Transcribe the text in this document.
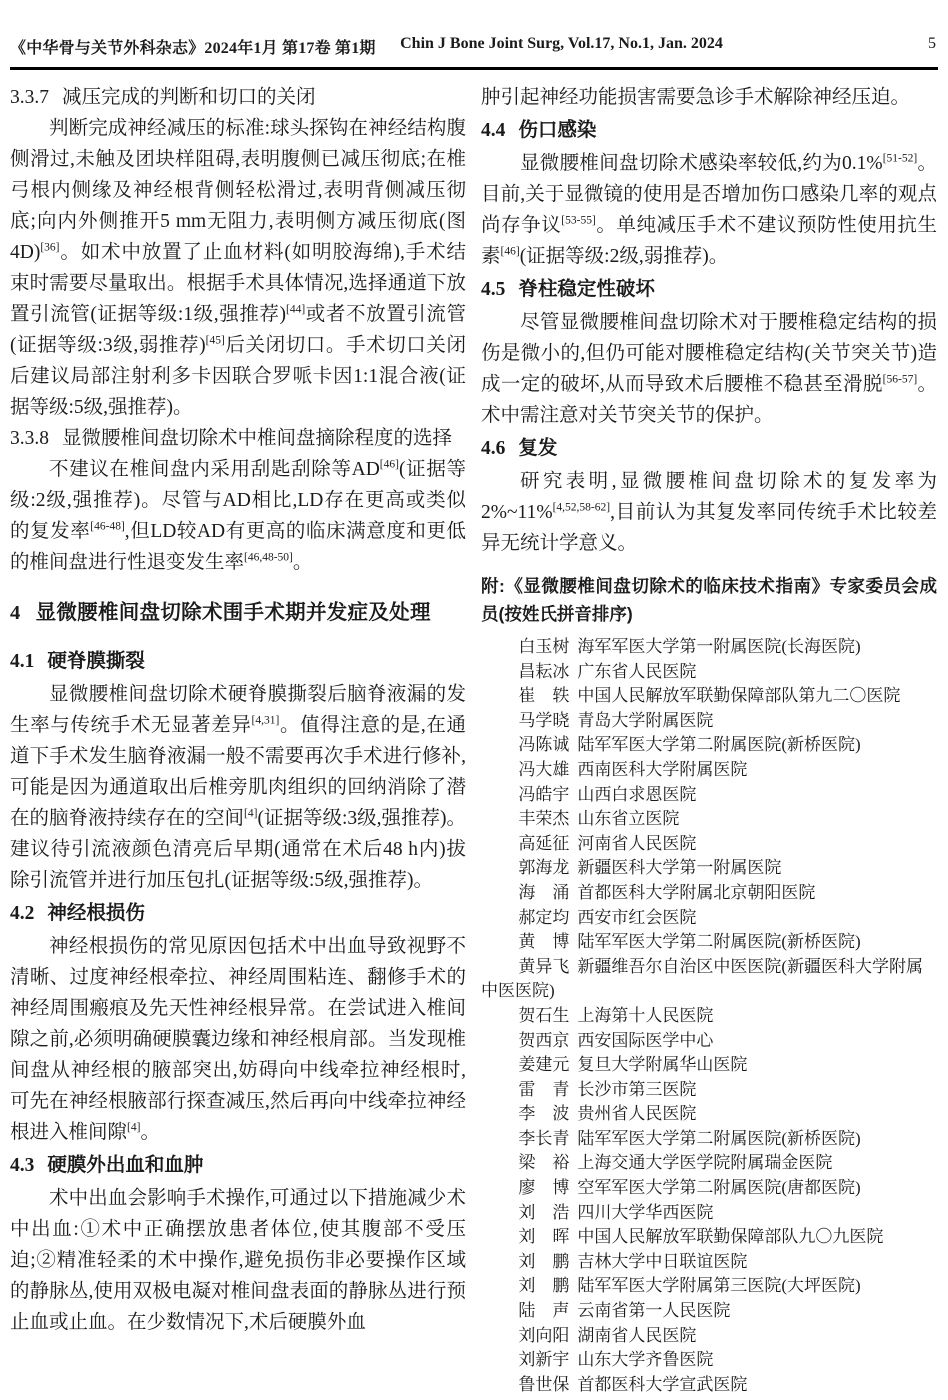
《中华骨与关节外科杂志》2024年1月 第17卷 第1期	Chin J Bone Joint Surg, Vol.17, No.1, Jan. 2024	5
3.3.7 减压完成的判断和切口的关闭

判断完成神经减压的标准:球头探钩在神经结构腹侧滑过,未触及团块样阻碍,表明腹侧已减压彻底;在椎弓根内侧缘及神经根背侧轻松滑过,表明背侧减压彻底;向内外侧推开5 mm无阻力,表明侧方减压彻底(图4D)[36]。如术中放置了止血材料(如明胶海绵),手术结束时需要尽量取出。根据手术具体情况,选择通道下放置引流管(证据等级:1级,强推荐)[44]或者不放置引流管(证据等级:3级,弱推荐)[45]后关闭切口。手术切口关闭后建议局部注射利多卡因联合罗哌卡因1:1混合液(证据等级:5级,强推荐)。

3.3.8 显微腰椎间盘切除术中椎间盘摘除程度的选择

不建议在椎间盘内采用刮匙刮除等AD[46](证据等级:2级,强推荐)。尽管与AD相比,LD存在更高或类似的复发率[46-48],但LD较AD有更高的临床满意度和更低的椎间盘进行性退变发生率[46,48-50]。

4 显微腰椎间盘切除术围手术期并发症及处理
4.1 硬脊膜撕裂

显微腰椎间盘切除术硬脊膜撕裂后脑脊液漏的发生率与传统手术无显著差异[4,31]。值得注意的是,在通道下手术发生脑脊液漏一般不需要再次手术进行修补,可能是因为通道取出后椎旁肌肉组织的回纳消除了潜在的脑脊液持续存在的空间[4](证据等级:3级,强推荐)。建议待引流液颜色清亮后早期(通常在术后48 h内)拔除引流管并进行加压包扎(证据等级:5级,强推荐)。

4.2 神经根损伤

神经根损伤的常见原因包括术中出血导致视野不清晰、过度神经根牵拉、神经周围粘连、翻修手术的神经周围瘢痕及先天性神经根异常。在尝试进入椎间隙之前,必须明确硬膜囊边缘和神经根肩部。当发现椎间盘从神经根的腋部突出,妨碍向中线牵拉神经根时,可先在神经根腋部行探查减压,然后再向中线牵拉神经根进入椎间隙[4]。

4.3 硬膜外出血和血肿

术中出血会影响手术操作,可通过以下措施减少术中出血:①术中正确摆放患者体位,使其腹部不受压迫;②精准轻柔的术中操作,避免损伤非必要操作区域的静脉丛,使用双极电凝对椎间盘表面的静脉丛进行预止血或止血。在少数情况下,术后硬膜外血

肿引起神经功能损害需要急诊手术解除神经压迫。

4.4 伤口感染

显微腰椎间盘切除术感染率较低,约为0.1%[51-52]。目前,关于显微镜的使用是否增加伤口感染几率的观点尚存争议[53-55]。单纯减压手术不建议预防性使用抗生素[46](证据等级:2级,弱推荐)。

4.5 脊柱稳定性破坏

尽管显微腰椎间盘切除术对于腰椎稳定结构的损伤是微小的,但仍可能对腰椎稳定结构(关节突关节)造成一定的破坏,从而导致术后腰椎不稳甚至滑脱[56-57]。术中需注意对关节突关节的保护。

4.6 复发

研究表明,显微腰椎间盘切除术的复发率为2%~11%[4,52,58-62],目前认为其复发率同传统手术比较差异无统计学意义。

附:《显微腰椎间盘切除术的临床技术指南》专家委员会成员(按姓氏拼音排序)

白玉树 海军军医大学第一附属医院(长海医院)

昌耘冰 广东省人民医院

崔　轶 中国人民解放军联勤保障部队第九二〇医院

马学晓 青岛大学附属医院

冯陈诚 陆军军医大学第二附属医院(新桥医院)

冯大雄 西南医科大学附属医院

冯皓宇 山西白求恩医院

丰荣杰 山东省立医院

高延征 河南省人民医院

郭海龙 新疆医科大学第一附属医院

海　涌 首都医科大学附属北京朝阳医院

郝定均 西安市红会医院

黄　博 陆军军医大学第二附属医院(新桥医院)

黄异飞 新疆维吾尔自治区中医医院(新疆医科大学附属中医医院)

贺石生 上海第十人民医院

贺西京 西安国际医学中心

姜建元 复旦大学附属华山医院

雷　青 长沙市第三医院

李　波 贵州省人民医院

李长青 陆军军医大学第二附属医院(新桥医院)

梁　裕 上海交通大学医学院附属瑞金医院

廖　博 空军军医大学第二附属医院(唐都医院)

刘　浩 四川大学华西医院

刘　晖 中国人民解放军联勤保障部队九〇九医院

刘　鹏 吉林大学中日联谊医院

刘　鹏 陆军军医大学附属第三医院(大坪医院)

陆　声 云南省第一人民医院

刘向阳 湖南省人民医院

刘新宇 山东大学齐鲁医院

鲁世保 首都医科大学宣武医院
